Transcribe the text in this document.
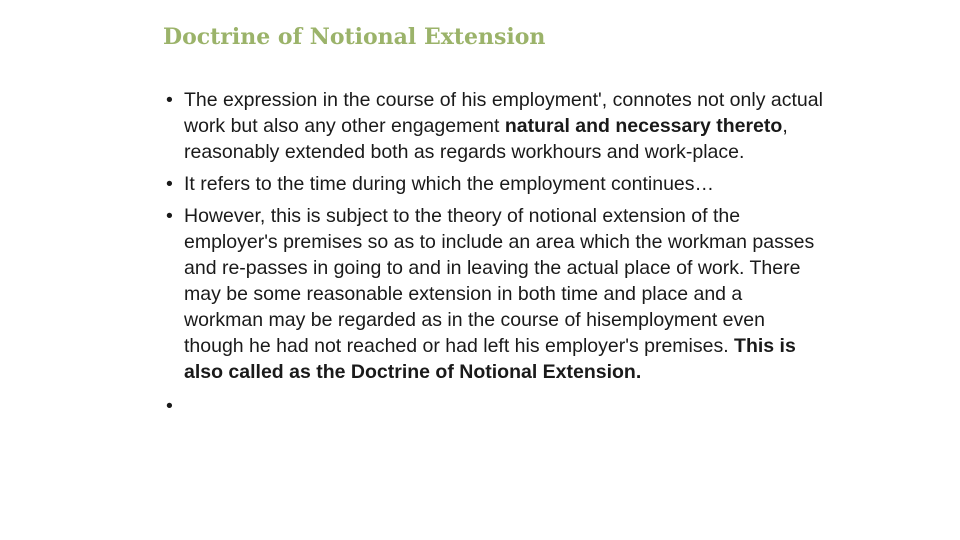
Doctrine of Notional Extension
• The expression in the course of his employment', connotes not only actual work but also any other engagement natural and necessary thereto, reasonably extended both as regards workhours and work-place.
• It refers to the time during which the employment continues…
• However, this is subject to the theory of notional extension of the employer's premises so as to include an area which the workman passes and re-passes in going to and in leaving the actual place of work. There may be some reasonable extension in both time and place and a workman may be regarded as in the course of hisemployment even though he had not reached or had left his employer's premises. This is also called as the Doctrine of Notional Extension.
•
